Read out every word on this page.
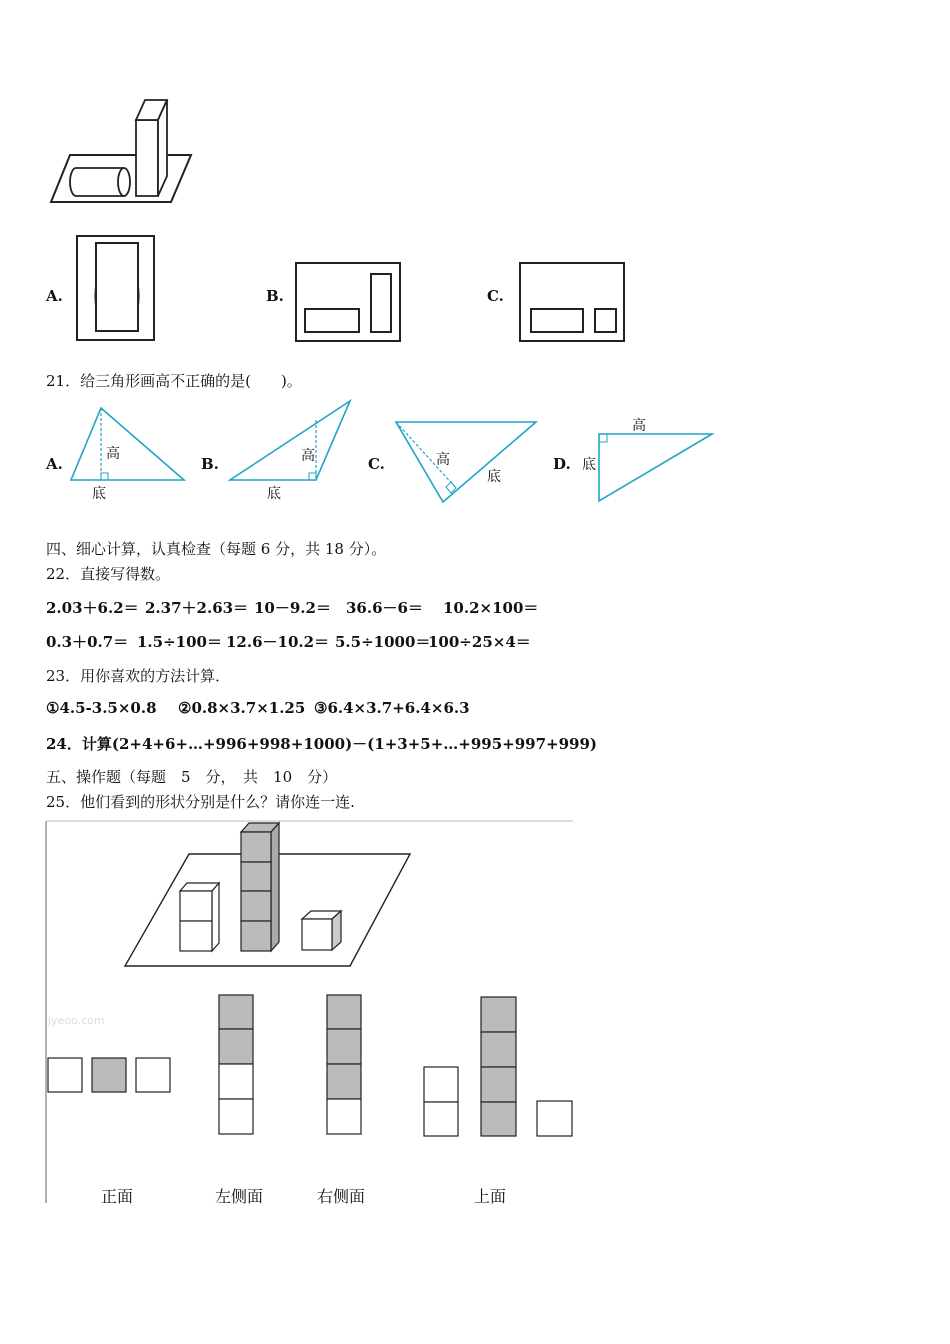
A.	B.	C.
21．给三角形画高不正确的是(　　)。
A.
高
底
B.	高
底
C.	高
底
D.
高
底
四、细心计算，认真检查（每题 6 分，共 18 分）。
22．直接写得数。
2.03＋6.2＝ 2.37＋2.63＝ 10－9.2＝ 36.6－6＝ 10.2×100＝
0.3＋0.7＝ 1.5÷100＝ 12.6－10.2＝ 5.5÷1000＝
100÷25×4＝
23．用你喜欢的方法计算．
①4.5-3.5×0.8 ②0.8×3.7×1.25 ③6.4×3.7+6.4×6.3
24．计算(2+4+6+…+996+998+1000)－(1+3+5+…+995+997+999)
五、操作题（每题　5　分，　共　10　分）
25．他们看到的形状分别是什么？请你连一连.
jyeoo.com
正面	左侧面	右侧面	上面
